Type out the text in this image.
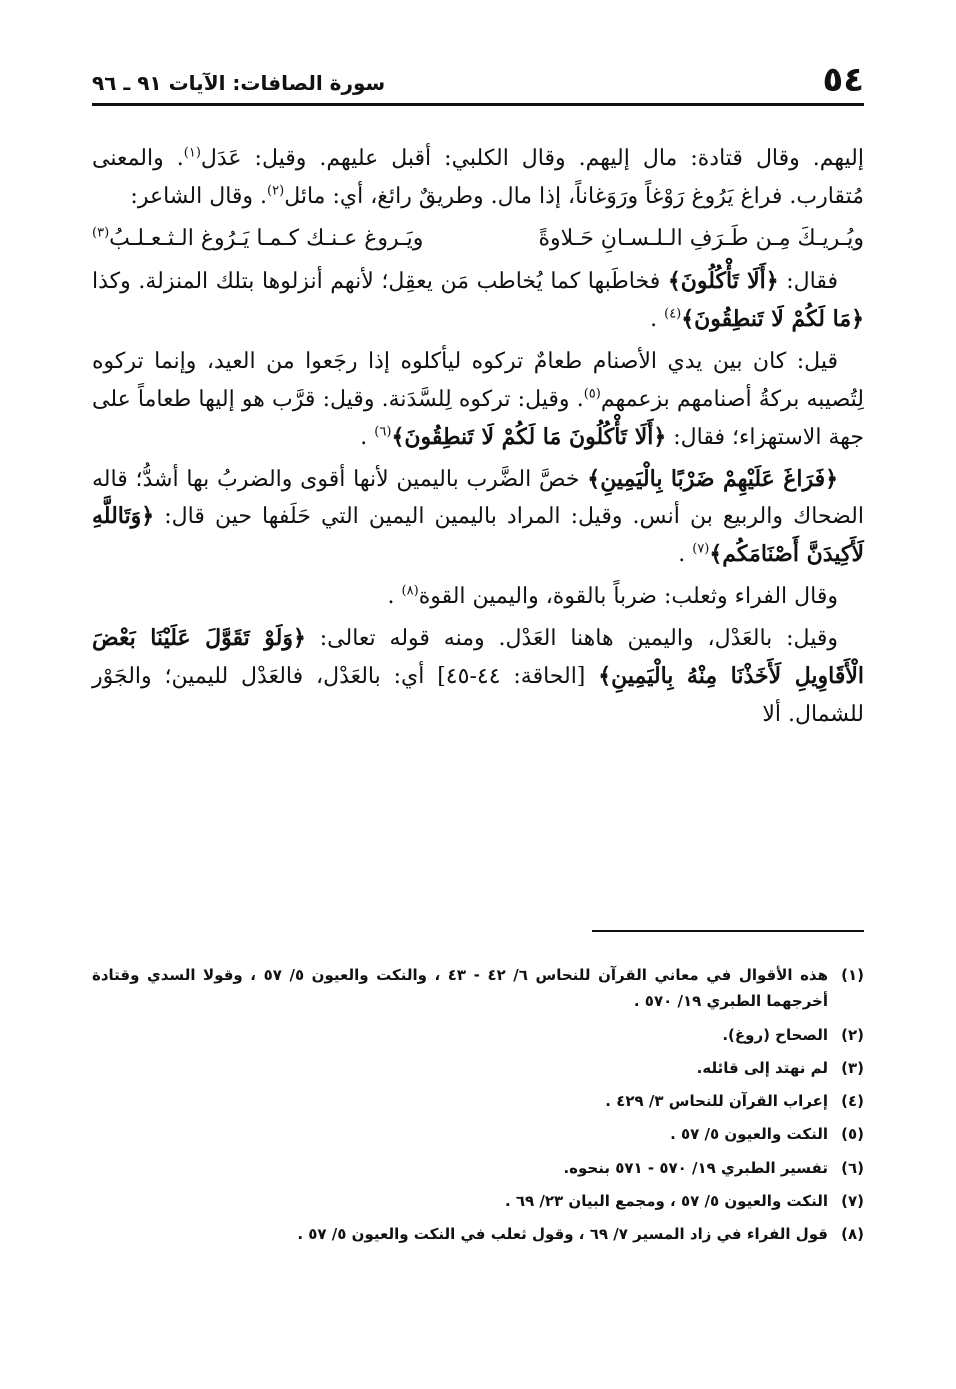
٥٤
سورة الصافات: الآيات ٩١ ـ ٩٦

إليهم. وقال قتادة: مال إليهم. وقال الكلبي: أقبل عليهم. وقيل: عَدَل$^{(١)}$. والمعنى مُتقارب. فراغ يَرُوغ رَوْغاً ورَوَغاناً، إذا مال. وطريقٌ رائغ، أي: مائل$^{(٢)}$. وقال الشاعر:

ويُـريـكَ مِـن طَـرَفِ الـلـسـانِ حَـلاوةً
ويَـروغ عـنـك كـمـا يَـرُوغ الـثـعـلـبُ$^{(٣)}$

فقال: ﴿أَلَا تَأْكُلُونَ﴾ فخاطَبها كما يُخاطب مَن يعقِل؛ لأنهم أنزلوها بتلك المنزلة. وكذا ﴿مَا لَكُمْ لَا تَنطِقُونَ﴾$^{(٤)}$ .

قيل: كان بين يدي الأصنام طعامٌ تركوه ليأكلوه إذا رجَعوا من العيد، وإنما تركوه لِتُصيبه بركةُ أصنامهم بزعمهم$^{(٥)}$. وقيل: تركوه لِلسَّدَنة. وقيل: قرَّب هو إليها طعاماً على جهة الاستهزاء؛ فقال: ﴿أَلَا تَأْكُلُونَ مَا لَكُمْ لَا تَنطِقُونَ﴾$^{(٦)}$ .

﴿فَرَاغَ عَلَيْهِمْ ضَرْبًا بِالْيَمِينِ﴾ خصَّ الضَّرب باليمين لأنها أقوى والضربُ بها أشدُّ؛ قاله الضحاك والربيع بن أنس. وقيل: المراد باليمين اليمين التي حَلَفها حين قال: ﴿وَتَاللَّهِ لَأَكِيدَنَّ أَصْنَامَكُم﴾$^{(٧)}$ .

وقال الفراء وثعلب: ضرباً بالقوة، واليمين القوة$^{(٨)}$ .

وقيل: بالعَدْل، واليمين هاهنا العَدْل. ومنه قوله تعالى: ﴿وَلَوْ تَقَوَّلَ عَلَيْنَا بَعْضَ الْأَقَاوِيلِ لَأَخَذْنَا مِنْهُ بِالْيَمِينِ﴾ [الحاقة: ٤٤-٤٥] أي: بالعَدْل، فالعَدْل لليمين؛ والجَوْر للشمال. ألا

(١)
هذه الأقوال في معاني القرآن للنحاس ٦/ ٤٢ - ٤٣ ، والنكت والعيون ٥/ ٥٧ ، وقولا السدي وقتادة أخرجهما الطبري ١٩/ ٥٧٠ .
(٢)
الصحاح (روغ).
(٣)
لم نهتد إلى قائله.
(٤)
إعراب القرآن للنحاس ٣/ ٤٢٩ .
(٥)
النكت والعيون ٥/ ٥٧ .
(٦)
تفسير الطبري ١٩/ ٥٧٠ - ٥٧١ بنحوه.
(٧)
النكت والعيون ٥/ ٥٧ ، ومجمع البيان ٢٣/ ٦٩ .
(٨)
قول الفراء في زاد المسير ٧/ ٦٩ ، وقول ثعلب في النكت والعيون ٥/ ٥٧ .
